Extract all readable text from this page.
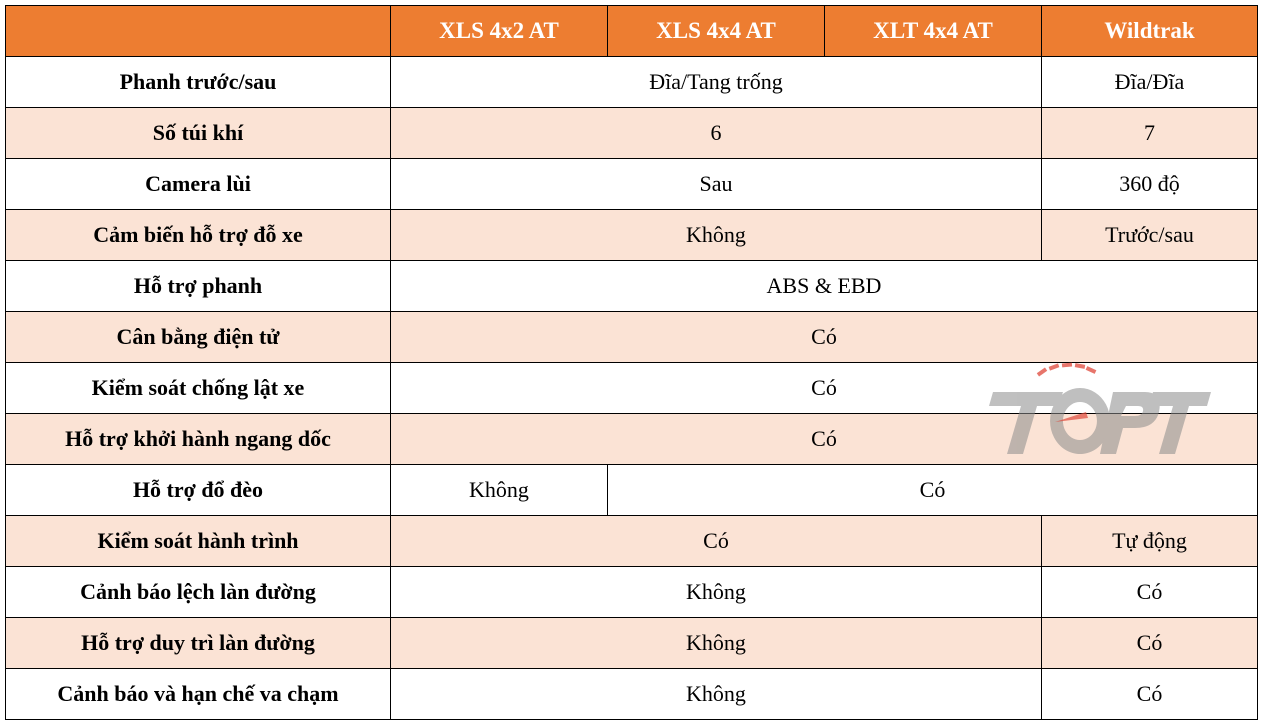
	XLS 4x2 AT	XLS 4x4 AT	XLT 4x4 AT	Wildtrak
Phanh trước/sau	Đĩa/Tang trống			Đĩa/Đĩa
Số túi khí	6			7
Camera lùi	Sau			360 độ
Cảm biến hỗ trợ đỗ xe	Không			Trước/sau
Hỗ trợ phanh	ABS & EBD			
Cân bằng điện tử	Có			
Kiểm soát chống lật xe	Có			
Hỗ trợ khởi hành ngang dốc	Có			
Hỗ trợ đổ đèo	Không	Có		
Kiểm soát hành trình	Có			Tự động
Cảnh báo lệch làn đường	Không			Có
Hỗ trợ duy trì làn đường	Không			Có
Cảnh báo và hạn chế va chạm	Không			Có
